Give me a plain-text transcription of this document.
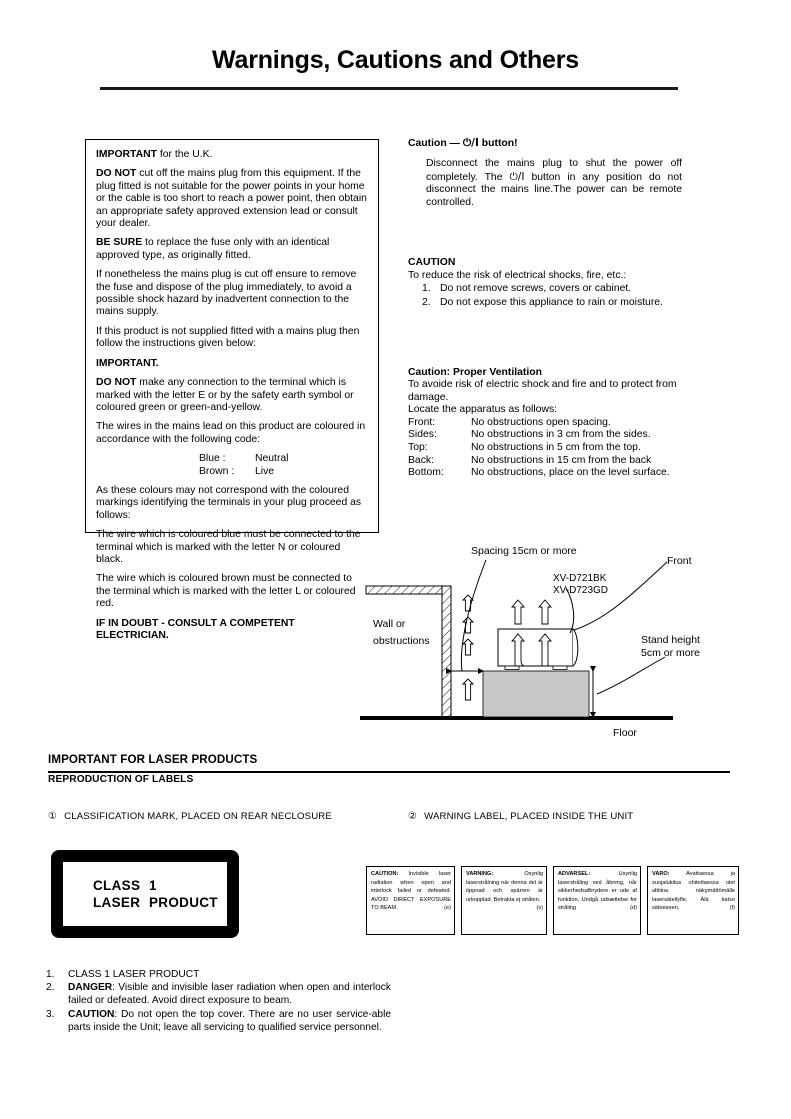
Warnings, Cautions and Others

IMPORTANT for the U.K.

DO NOT cut off the mains plug from this equipment. If the plug fitted is not suitable for the power points in your home or the cable is too short to reach a power point, then obtain an appropriate safety approved extension lead or consult your dealer.

BE SURE to replace the fuse only with an identical approved type, as originally fitted.

If nonetheless the mains plug is cut off ensure to remove the fuse and dispose of the plug immediately, to avoid a possible shock hazard by inadvertent connection to the mains supply.

If this product is not supplied fitted with a mains plug then follow the instructions given below:

IMPORTANT.

DO NOT make any connection to the terminal which is marked with the letter E or by the safety earth symbol or coloured green or green-and-yellow.

The wires in the mains lead on this product are coloured in accordance with the following code:

Blue :	Neutral
Brown : Live

As these colours may not correspond with the coloured markings identifying the terminals in your plug proceed as follows:

The wire which is coloured blue must be connected to the terminal which is marked with the letter N or coloured black.

The wire which is coloured brown must be connected to the terminal which is marked with the letter L or coloured red.

IF IN DOUBT - CONSULT A COMPETENT ELECTRICIAN.

Caution — ⏻/I button!
Disconnect the mains plug to shut the power off completely. The ⏻/I button in any position do not disconnect the mains line.The power can be remote controlled.
CAUTION

To reduce the risk of electrical shocks, fire, etc.:

1. Do not remove screws, covers or cabinet.
2. Do not expose this appliance to rain or moisture.
Caution: Proper Ventilation

To avoide risk of electric shock and fire and to protect from

damage.

Locate the apparatus as follows:

Front:	No obstructions open spacing.
Sides:	No obstructions in 3 cm from the sides.
Top:	No obstructions in 5 cm from the top.
Back:	No obstructions in 15 cm from the back
Bottom:	No obstructions, place on the level surface.
Spacing 15cm or more
Front
XV-D721BK
XV-D723GD
Stand height
5cm or more
Wall or
obstructions
Floor
IMPORTANT FOR LASER PRODUCTS
REPRODUCTION OF LABELS
① CLASSIFICATION MARK, PLACED ON REAR NECLOSURE	② WARNING LABEL, PLACED INSIDE THE UNIT
CLASS 1
LASER PRODUCT
CAUTION: Invisible laser radiation when open and interlock failed or defeated. AVOID DIRECT EXPOSURE TO BEAM.	(e)
VARNING: Osynlig laserstrålning när denna del är öppnad och spärren är urkopplad. Betrakta ej strålen.
(s)
ADVARSEL: Usynlig laserstråling ved åbning, når sikkerhedsafbrydere er ude af funktion. Undgå udsættelse for stråling	(d)
VARO: Avattaessa ja suojalukitus ohitettaessa olet alttiina näkymättömälle lasersäteilyfle. Älä katso säteeseen.	(f)
1. CLASS 1 LASER PRODUCT
2. DANGER: Visible and invisible laser radiation when open and interlock failed or defeated. Avoid direct exposure to beam.
3. CAUTION: Do not open the top cover. There are no user service-able parts inside the Unit; leave all servicing to qualified service personnel.
